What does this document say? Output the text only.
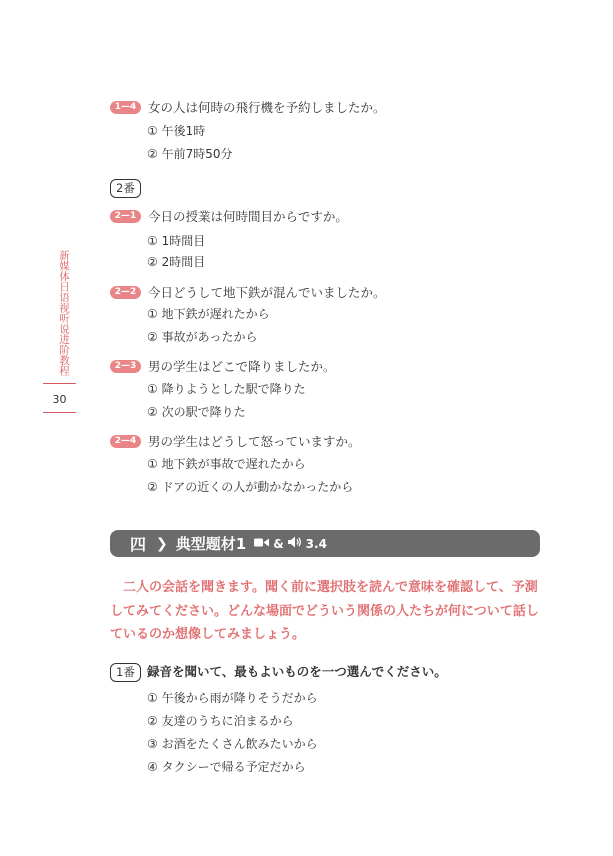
新媒体日语视听说进阶教程
30
1—4 女の人は何時の飛行機を予約しましたか。
① 午後1時
② 午前7時50分
2番
2—1 今日の授業は何時間目からですか。
① 1時間目
② 2時間目
2—2 今日どうして地下鉄が混んでいましたか。
① 地下鉄が遅れたから
② 事故があったから
2—3 男の学生はどこで降りましたか。
① 降りようとした駅で降りた
② 次の駅で降りた
2—4 男の学生はどうして怒っていますか。
① 地下鉄が事故で遅れたから
② ドアの近くの人が動かなかったから
四 ❯ 典型题材1 & 3.4
二人の会話を聞きます。聞く前に選択肢を読んで意味を確認して、予測してみてください。どんな場面でどういう関係の人たちが何について話しているのか想像してみましょう。
1番 録音を聞いて、最もよいものを一つ選んでください。
① 午後から雨が降りそうだから
② 友達のうちに泊まるから
③ お酒をたくさん飲みたいから
④ タクシーで帰る予定だから
